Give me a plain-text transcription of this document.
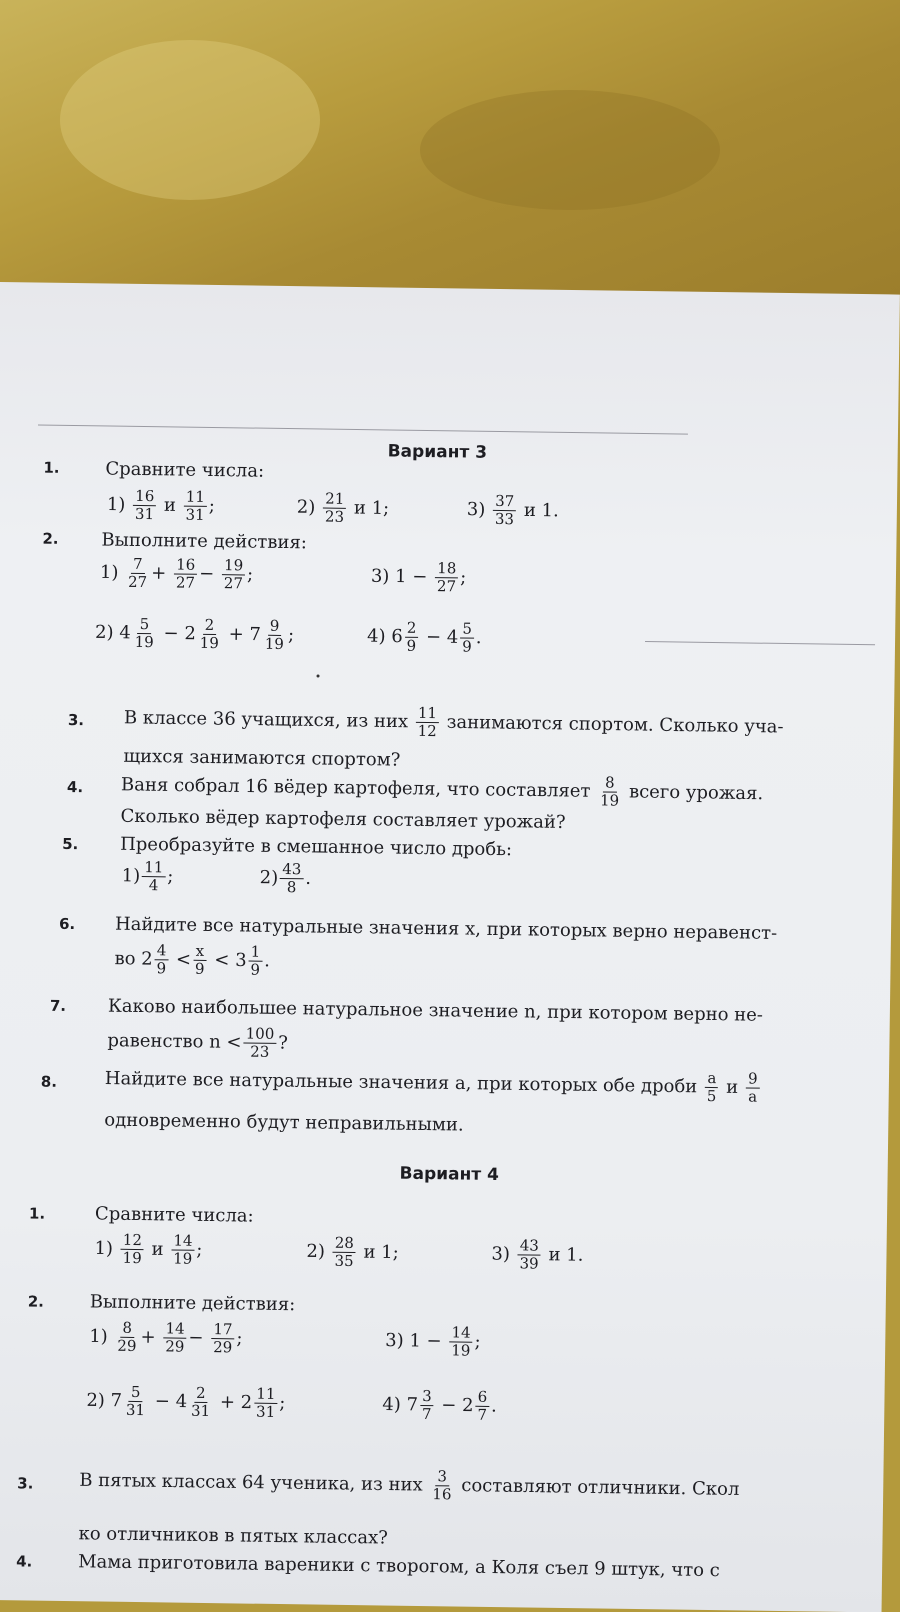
Вариант 3
1.	Сравните числа:
$1) \frac{16}{31}$ и $\frac{11}{31}$ ;	$2) \frac{21}{23}$ и 1;	$3) \frac{37}{33}$ и 1.
2. Выполните действия:
$1) \frac{7}{27} + \frac{16}{27} - \frac{19}{27}$ ;	3) $1 - \frac{18}{27}$ ;
2) $4 \frac{5}{19} - 2 \frac{2}{19} + 7 \frac{9}{19}$ ;	4) $6 \frac{2}{9} - 4 \frac{5}{9}$ .
3. В классе 36 учащихся, из них $\frac{11}{12}$ занимаются спортом. Сколько уча-
щихся занимаются спортом?
4. Ваня собрал 16 вёдер картофеля, что составляет $\frac{8}{19}$ всего урожая.
Сколько вёдер картофеля составляет урожай?
5. Преобразуйте в смешанное число дробь:
$1) \frac{11}{4}$ ;	$2) \frac{43}{8}$ .
6. Найдите все натуральные значения x, при которых верно неравенст-
во $2 \frac{4}{9} < \frac{x}{9} < 3 \frac{1}{9}$ .
7. Каково наибольшее натуральное значение n, при котором верно не-
равенство $n < \frac{100}{23}$ ?
8.	Найдите все натуральные значения a, при которых обе дроби $\frac{a}{5}$ и $\frac{9}{a}$
одновременно будут неправильными.
Вариант 4
1.	Сравните числа:
$1) \frac{12}{19}$ и $\frac{14}{19}$ ;	$2) \frac{28}{35}$ и 1;	$3) \frac{43}{39}$ и 1.
2.	Выполните действия:
$1) \frac{8}{29} + \frac{14}{29} - \frac{17}{29}$ ;	3) $1 - \frac{14}{19}$ ;
2) $7 \frac{5}{31} - 4 \frac{2}{31} + 2 \frac{11}{31}$ ;	4) $7 \frac{3}{7} - 2 \frac{6}{7}$ .
3.	В пятых классах 64 ученика, из них $\frac{3}{16}$ составляют отличники. Скол
ко отличников в пятых классах?
4.	Мама приготовила вареники с творогом, а Коля съел 9 штук, что с
